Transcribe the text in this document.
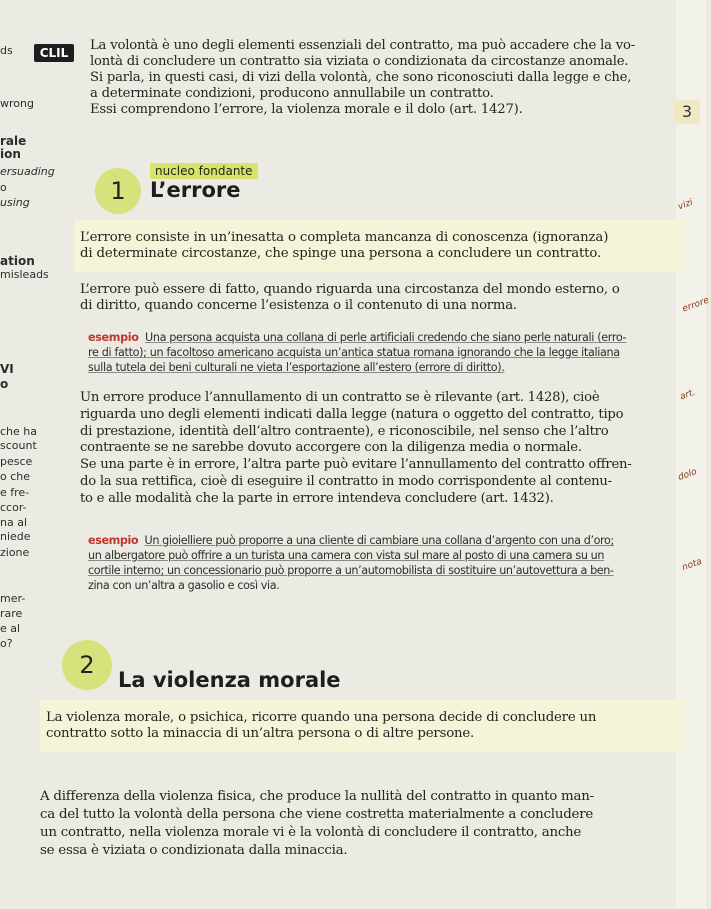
ds
wrong
rale
ion
ersuading
o
using
ation
misleads
VI
o
che ha
scount
pesce
o che
e fre-
ccor-
na al
niede
zione
mer-
rare
e al
o?
3
vizi
errore
art.
dolo
nota
CLIL	La volontà è uno degli elementi essenziali del contratto, ma può accadere che la vo-
lontà di concludere un contratto sia viziata o condizionata da circostanze anomale.
Si parla, in questi casi, di vizi della volontà, che sono riconosciuti dalla legge e che,
a determinate condizioni, producono annullabile un contratto.
Essi comprendono l’errore, la violenza morale e il dolo (art. 1427).

nucleo fondante
1	L’errore

L’errore consiste in un’inesatta o completa mancanza di conoscenza (ignoranza)
di determinate circostanze, che spinge una persona a concludere un contratto.

L’errore può essere di fatto, quando riguarda una circostanza del mondo esterno, o
di diritto, quando concerne l’esistenza o il contenuto di una norma.

esempio Una persona acquista una collana di perle artificiali credendo che siano perle naturali (erro-
re di fatto); un facoltoso americano acquista un’antica statua romana ignorando che la legge italiana
sulla tutela dei beni culturali ne vieta l’esportazione all’estero (errore di diritto).

Un errore produce l’annullamento di un contratto se è rilevante (art. 1428), cioè
riguarda uno degli elementi indicati dalla legge (natura o oggetto del contratto, tipo
di prestazione, identità dell’altro contraente), e riconoscibile, nel senso che l’altro
contraente se ne sarebbe dovuto accorgere con la diligenza media o normale.
Se una parte è in errore, l’altra parte può evitare l’annullamento del contratto offren-
do la sua rettifica, cioè di eseguire il contratto in modo corrispondente al contenu-
to e alle modalità che la parte in errore intendeva concludere (art. 1432).

esempio Un gioielliere può proporre a una cliente di cambiare una collana d’argento con una d’oro;
un albergatore può offrire a un turista una camera con vista sul mare al posto di una camera su un
cortile interno; un concessionario può proporre a un’automobilista di sostituire un’autovettura a ben-
zina con un’altra a gasolio e così via.

2
La violenza morale

La violenza morale, o psichica, ricorre quando una persona decide di concludere un
contratto sotto la minaccia di un’altra persona o di altre persone.

A differenza della violenza fisica, che produce la nullità del contratto in quanto man-
ca del tutto la volontà della persona che viene costretta materialmente a concludere
un contratto, nella violenza morale vi è la volontà di concludere il contratto, anche
se essa è viziata o condizionata dalla minaccia.
